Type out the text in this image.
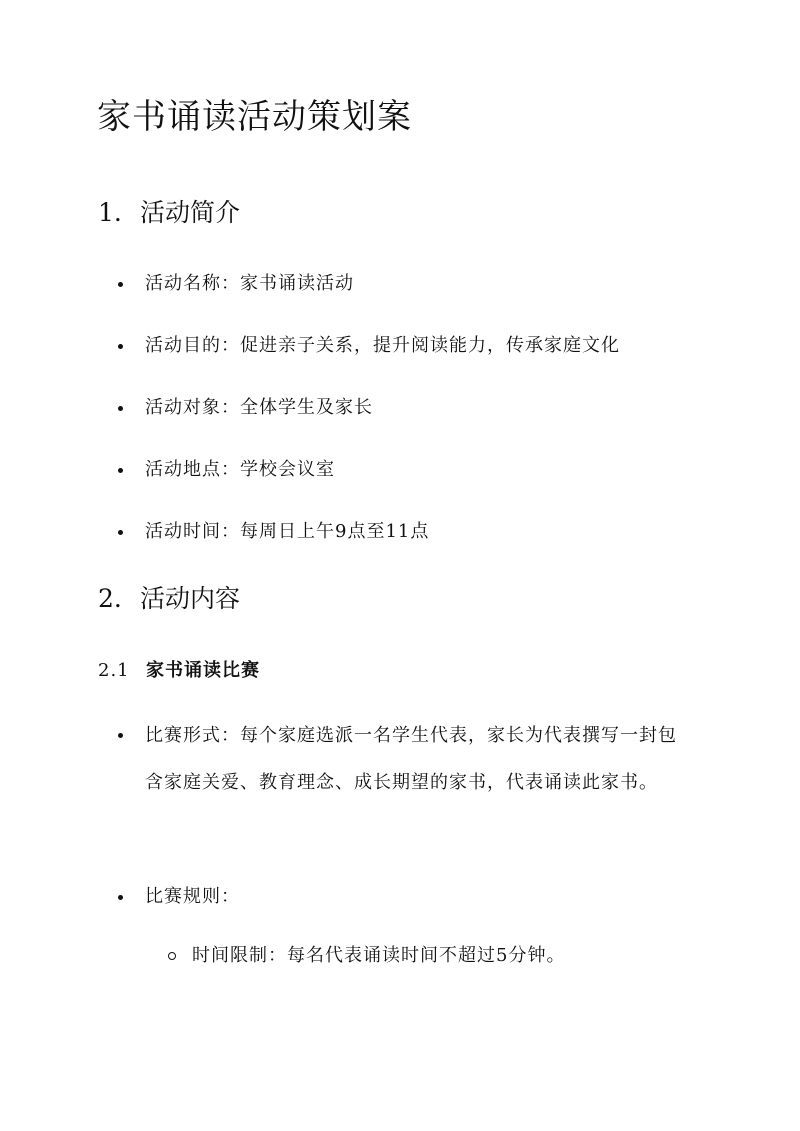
家书诵读活动策划案
1. 活动简介
活动名称：家书诵读活动
活动目的：促进亲子关系，提升阅读能力，传承家庭文化
活动对象：全体学生及家长
活动地点：学校会议室
活动时间：每周日上午9点至11点
2. 活动内容
2.1 家书诵读比赛
比赛形式：每个家庭选派一名学生代表，家长为代表撰写一封包含家庭关爱、教育理念、成长期望的家书，代表诵读此家书。
比赛规则：
时间限制：每名代表诵读时间不超过5分钟。
